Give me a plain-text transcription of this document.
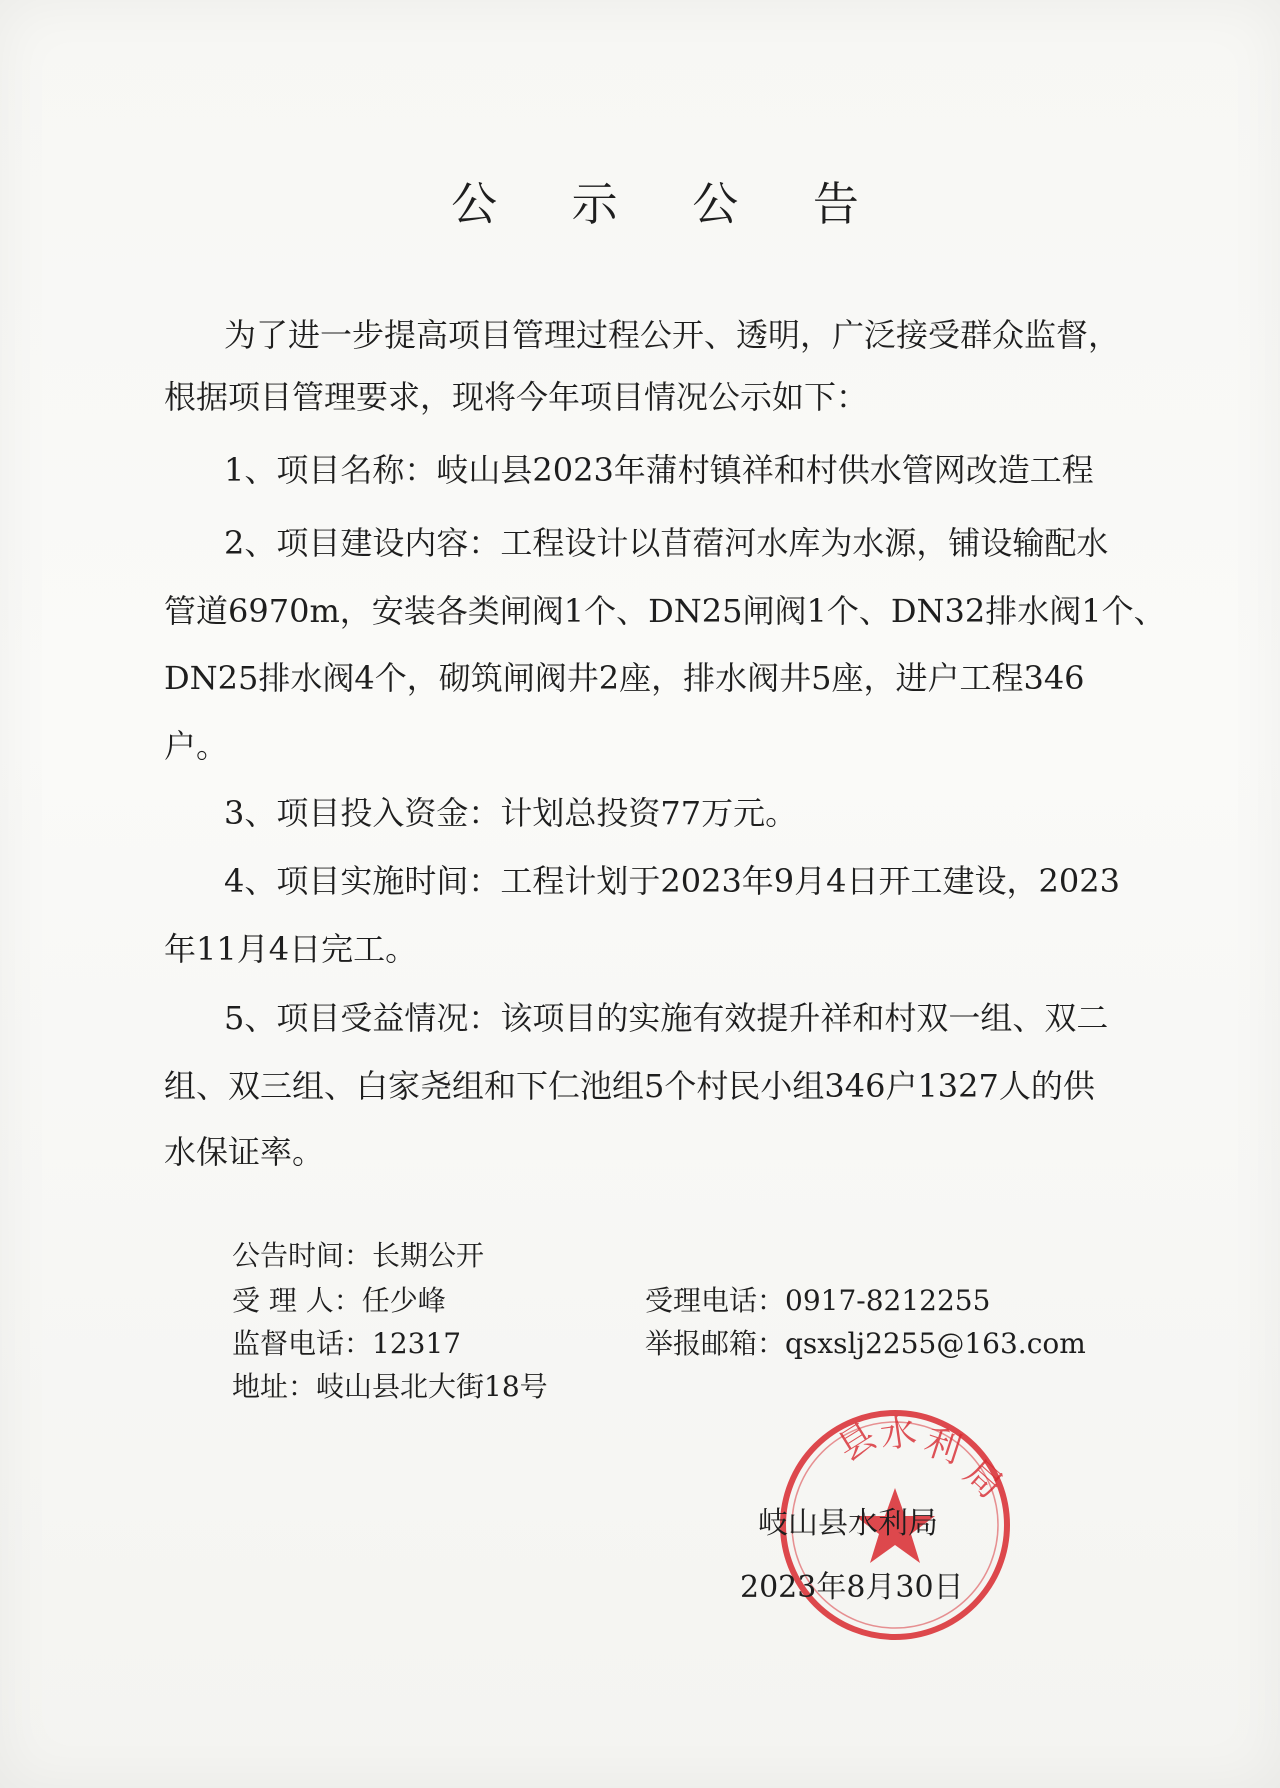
公 示 公 告
为了进一步提高项目管理过程公开、透明，广泛接受群众监督，
根据项目管理要求，现将今年项目情况公示如下：
1、项目名称：岐山县2023年蒲村镇祥和村供水管网改造工程
2、项目建设内容：工程设计以苜蓿河水库为水源，铺设输配水
管道6970m，安装各类闸阀1个、DN25闸阀1个、DN32排水阀1个、
DN25排水阀4个，砌筑闸阀井2座，排水阀井5座，进户工程346
户。
3、项目投入资金：计划总投资77万元。
4、项目实施时间：工程计划于2023年9月4日开工建设，2023
年11月4日完工。
5、项目受益情况：该项目的实施有效提升祥和村双一组、双二
组、双三组、白家尧组和下仁池组5个村民小组346户1327人的供
水保证率。
公告时间：长期公开
受 理 人：任少峰	受理电话：0917-8212255
监督电话：12317	举报邮箱：qsxslj2255@163.com
地址：岐山县北大街18号
县
水 利
局
岐山县水利局
2023年8月30日
